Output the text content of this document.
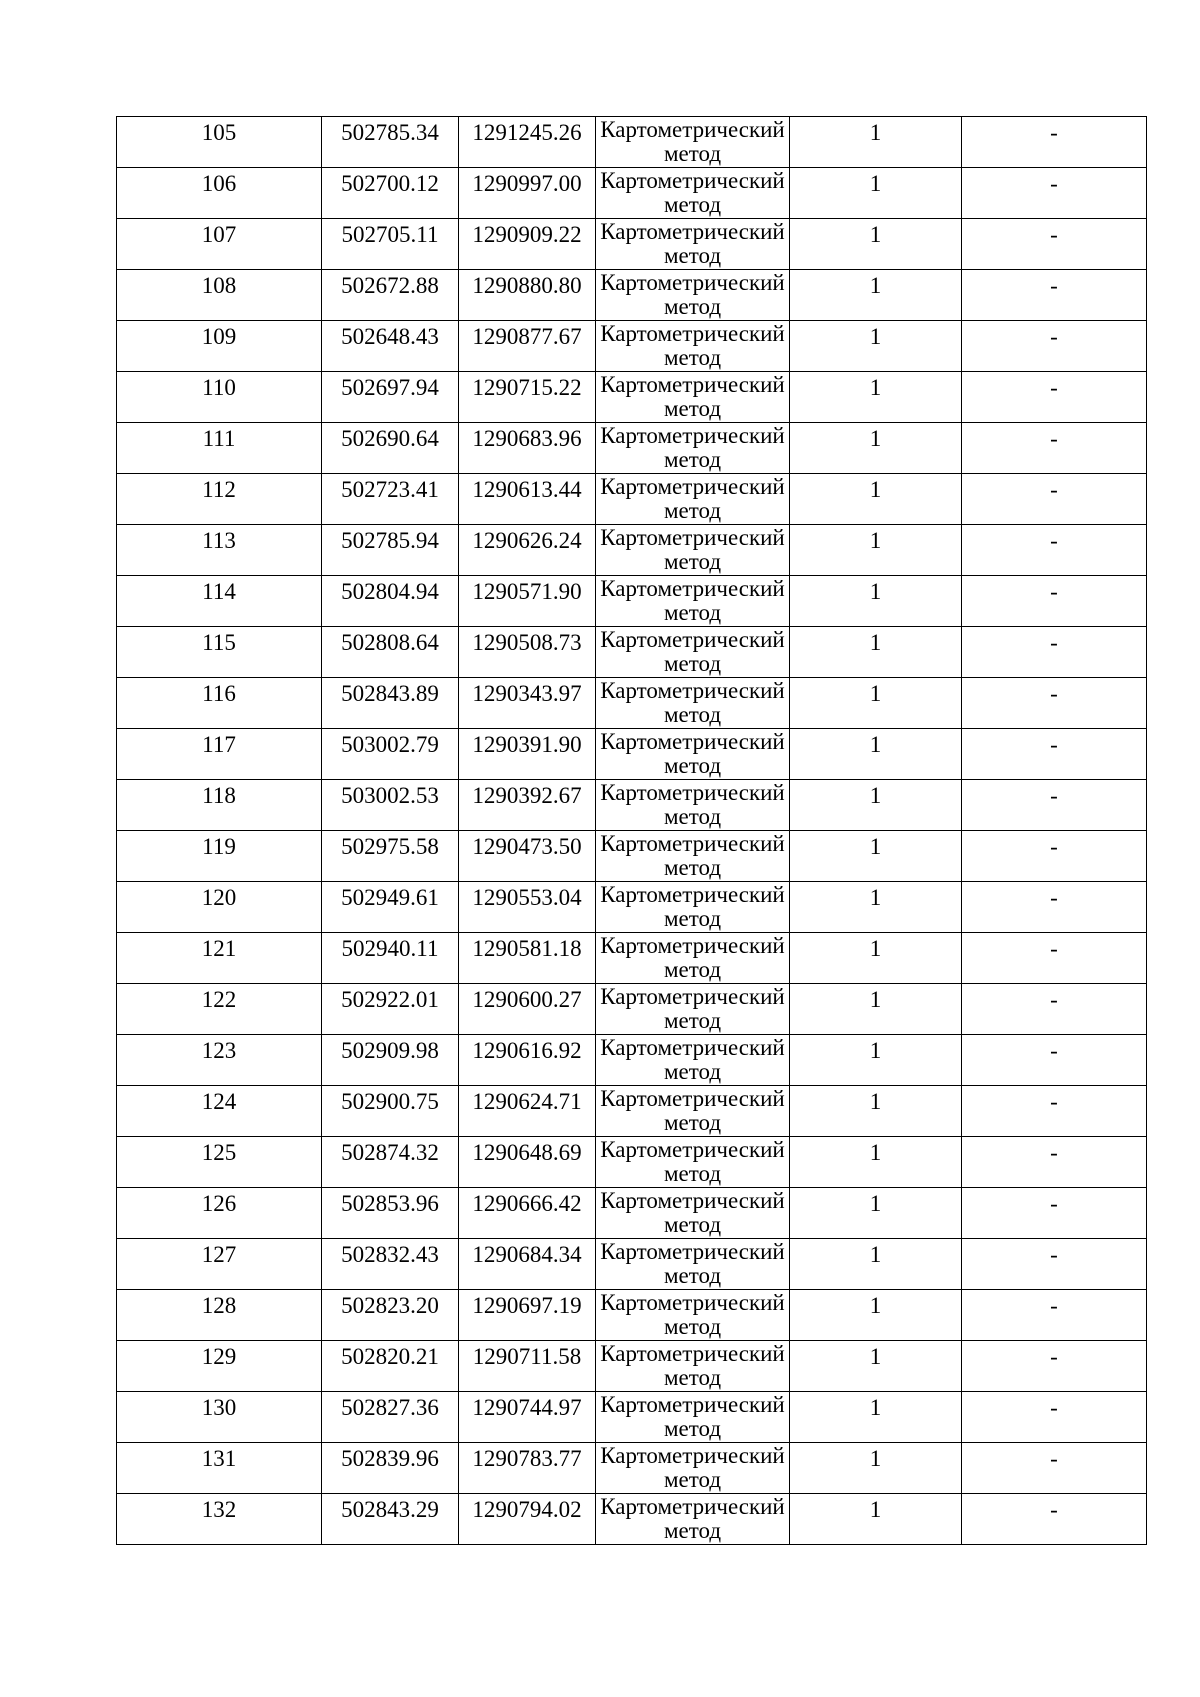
105	502785.34	1291245.26	Картометрический
метод	1	-

106	502700.12	1290997.00	Картометрический
метод	1	-

107	502705.11	1290909.22	Картометрический
метод	1	-

108	502672.88	1290880.80	Картометрический
метод	1	-

109	502648.43	1290877.67	Картометрический
метод	1	-

110	502697.94	1290715.22	Картометрический
метод	1	-

111	502690.64	1290683.96	Картометрический
метод	1	-

112	502723.41	1290613.44	Картометрический
метод	1	-

113	502785.94	1290626.24	Картометрический
метод	1	-

114	502804.94	1290571.90	Картометрический
метод	1	-

115	502808.64	1290508.73	Картометрический
метод	1	-

116	502843.89	1290343.97	Картометрический
метод	1	-

117	503002.79	1290391.90	Картометрический
метод	1	-

118	503002.53	1290392.67	Картометрический
метод	1	-

119	502975.58	1290473.50	Картометрический
метод	1	-

120	502949.61	1290553.04	Картометрический
метод	1	-

121	502940.11	1290581.18	Картометрический
метод	1	-

122	502922.01	1290600.27	Картометрический
метод	1	-

123	502909.98	1290616.92	Картометрический
метод	1	-

124	502900.75	1290624.71	Картометрический
метод	1	-

125	502874.32	1290648.69	Картометрический
метод	1	-

126	502853.96	1290666.42	Картометрический
метод	1	-

127	502832.43	1290684.34	Картометрический
метод	1	-

128	502823.20	1290697.19	Картометрический
метод	1	-

129	502820.21	1290711.58	Картометрический
метод	1	-

130	502827.36	1290744.97	Картометрический
метод	1	-

131	502839.96	1290783.77	Картометрический
метод	1	-

132	502843.29	1290794.02	Картометрический
метод	1	-
